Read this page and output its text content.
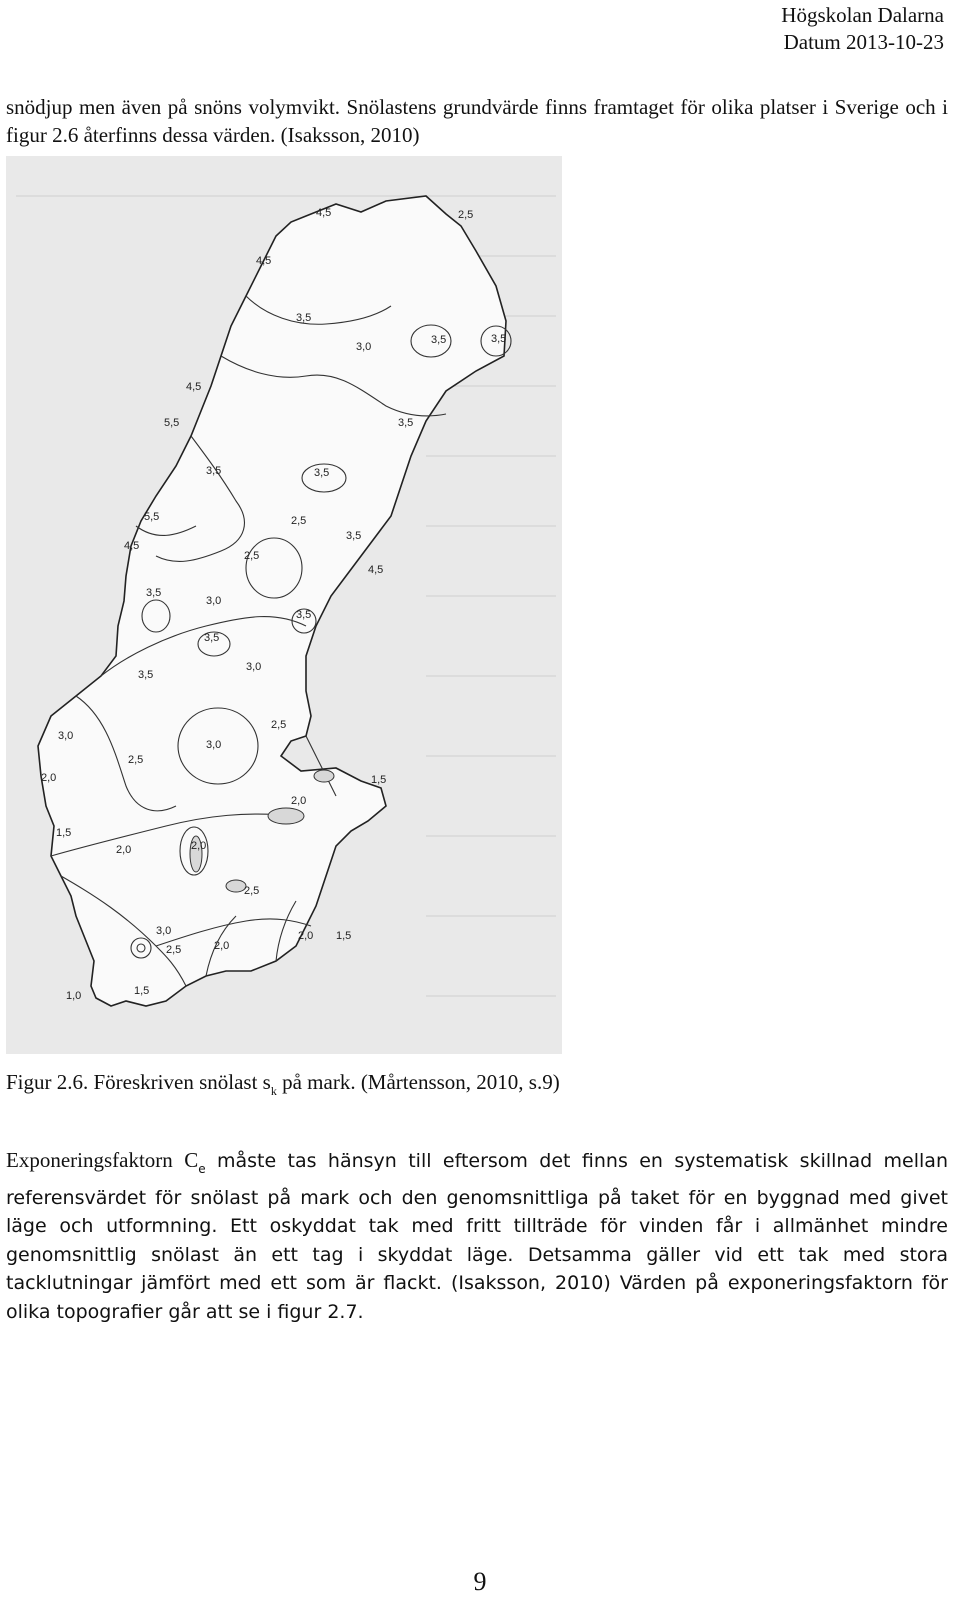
Högskolan Dalarna
Datum 2013-10-23

snödjup men även på snöns volymvikt. Snölastens grundvärde finns framtaget för olika platser i Sverige och i figur 2.6 återfinns dessa värden. (Isaksson, 2010)

4,5	2,5
4,5
3,5
3,0
3,5	3,5
4,5
5,5	3,5
3,5	3,5
5,5
4,5
2,5
2,5
3,5
4,5
3,5
3,0
3,5
3,5
3,0
3,5
3,0
2,5
3,0
2,5
2,0	1,5
2,0
1,5
2,0	2,0
2,5
3,0
2,5	2,0
2,0 1,5
1,0	1,5
Figur 2.6. Föreskriven snölast $s_k$ på mark. (Mårtensson, 2010, s.9)

Exponeringsfaktorn $C_e$ måste tas hänsyn till eftersom det finns en systematisk skillnad mellan referensvärdet för snölast på mark och den genomsnittliga på taket för en byggnad med givet läge och utformning. Ett oskyddat tak med fritt tillträde för vinden får i allmänhet mindre genomsnittlig snölast än ett tag i skyddat läge. Detsamma gäller vid ett tak med stora tacklutningar jämfört med ett som är flackt. (Isaksson, 2010) Värden på exponeringsfaktorn för olika topografier går att se i figur 2.7.

9
